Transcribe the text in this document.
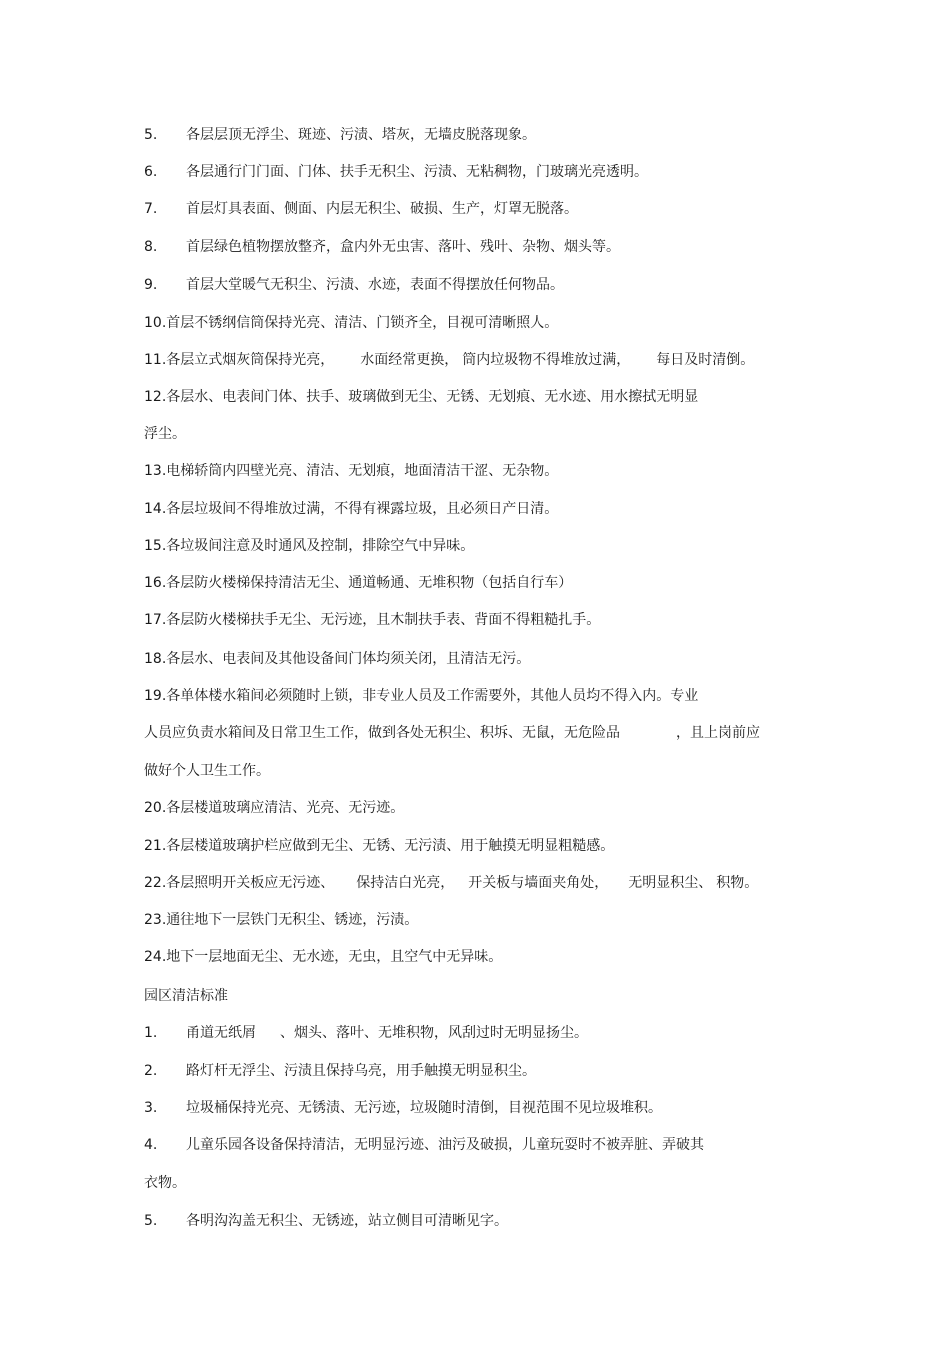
5. 各层层顶无浮尘、斑迹、污渍、塔灰，无墙皮脱落现象。
6. 各层通行门门面、门体、扶手无积尘、污渍、无粘稠物，门玻璃光亮透明。
7. 首层灯具表面、侧面、内层无积尘、破损、生产，灯罩无脱落。
8. 首层绿色植物摆放整齐，盒内外无虫害、落叶、残叶、杂物、烟头等。
9. 首层大堂暖气无积尘、污渍、水迹，表面不得摆放任何物品。
10.首层不锈纲信筒保持光亮、清洁、门锁齐全，目视可清晰照人。
11.各层立式烟灰筒保持光亮， 水面经常更换， 筒内垃圾物不得堆放过满， 每日及时清倒。
12.各层水、电表间门体、扶手、玻璃做到无尘、无锈、无划痕、无水迹、用水擦拭无明显
浮尘。
13.电梯轿筒内四壁光亮、清洁、无划痕，地面清洁干涩、无杂物。
14.各层垃圾间不得堆放过满，不得有裸露垃圾，且必须日产日清。
15.各垃圾间注意及时通风及控制，排除空气中异味。
16.各层防火楼梯保持清洁无尘、通道畅通、无堆积物（包括自行车）
17.各层防火楼梯扶手无尘、无污迹，且木制扶手表、背面不得粗糙扎手。
18.各层水、电表间及其他设备间门体均须关闭，且清洁无污。
19.各单体楼水箱间必须随时上锁，非专业人员及工作需要外，其他人员均不得入内。专业
人员应负责水箱间及日常卫生工作，做到各处无积尘、积坼、无鼠，无危险品	，且上岗前应
做好个人卫生工作。
20.各层楼道玻璃应清洁、光亮、无污迹。
21.各层楼道玻璃护栏应做到无尘、无锈、无污渍、用于触摸无明显粗糙感。
22.各层照明开关板应无污迹、 保持洁白光亮， 开关板与墙面夹角处， 无明显积尘、 积物。
23.通往地下一层铁门无积尘、锈迹，污渍。
24.地下一层地面无尘、无水迹，无虫，且空气中无异味。
园区清洁标准
1. 甬道无纸屑 、烟头、落叶、无堆积物，风刮过时无明显扬尘。
2. 路灯杆无浮尘、污渍且保持乌亮，用手触摸无明显积尘。
3. 垃圾桶保持光亮、无锈渍、无污迹，垃圾随时清倒，目视范围不见垃圾堆积。
4. 儿童乐园各设备保持清洁，无明显污迹、油污及破损，儿童玩耍时不被弄脏、弄破其
衣物。
5. 各明沟沟盖无积尘、无锈迹，站立侧目可清晰见字。
